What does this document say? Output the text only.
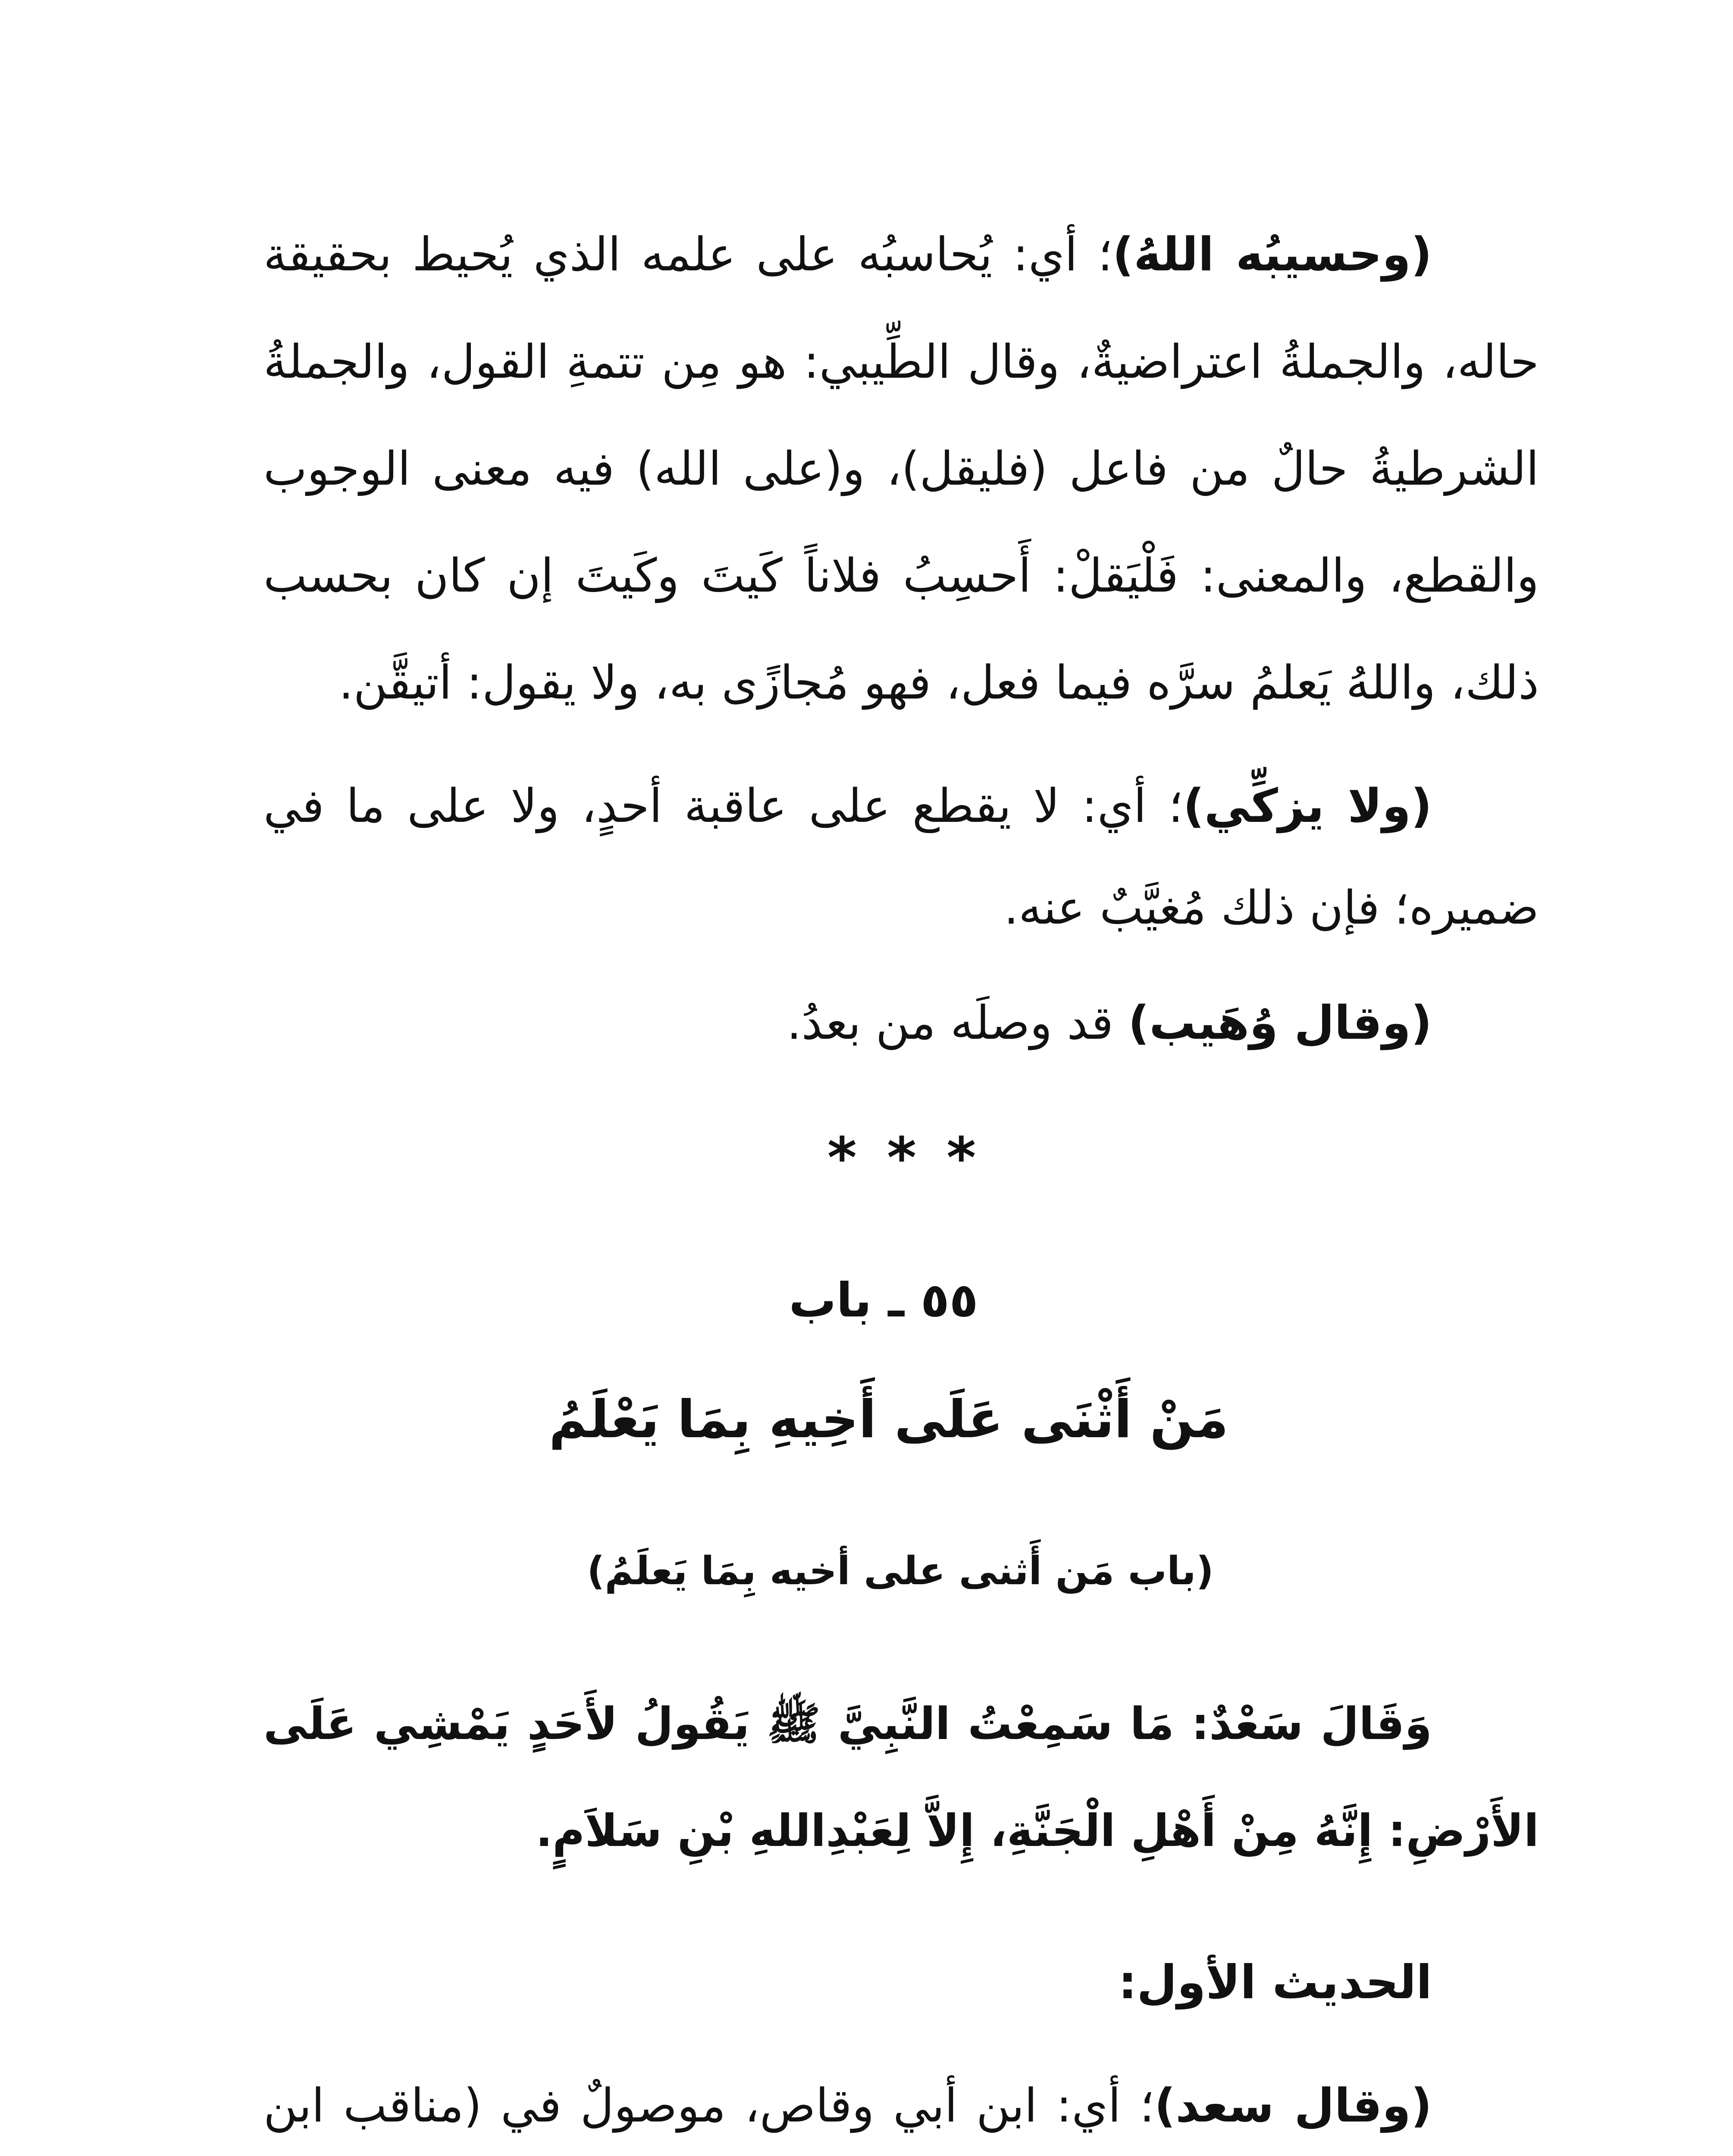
(وحسيبُه اللهُ)؛ أي: يُحاسبُه على علمه الذي يُحيط بحقيقة
حاله، والجملةُ اعتراضيةٌ، وقال الطِّيبي: هو مِن تتمةِ القول، والجملةُ
الشرطيةُ حالٌ من فاعل (فليقل)، و(على الله) فيه معنى الوجوب
والقطع، والمعنى: فَلْيَقلْ: أَحسِبُ فلاناً كَيتَ وكَيتَ إن كان بحسب
ذلك، واللهُ يَعلمُ سرَّه فيما فعل، فهو مُجازًى به، ولا يقول: أتيقَّن.
(ولا يزكِّي)؛ أي: لا يقطع على عاقبة أحدٍ، ولا على ما في
ضميره؛ فإن ذلك مُغيَّبٌ عنه.
(وقال وُهَيب) قد وصلَه من بعدُ.
* * *
٥٥ ـ باب
مَنْ أَثْنَى عَلَى أَخِيهِ بِمَا يَعْلَمُ
(باب مَن أَثنى على أخيه بِمَا يَعلَمُ)
وَقَالَ سَعْدٌ: مَا سَمِعْتُ النَّبِيَّ ﷺ يَقُولُ لأَحَدٍ يَمْشِي عَلَى
الأَرْضِ: إِنَّهُ مِنْ أَهْلِ الْجَنَّةِ، إِلاَّ لِعَبْدِاللهِ بْنِ سَلاَمٍ.
الحديث الأول:
(وقال سعد)؛ أي: ابن أبي وقاص، موصولٌ في (مناقب ابن
